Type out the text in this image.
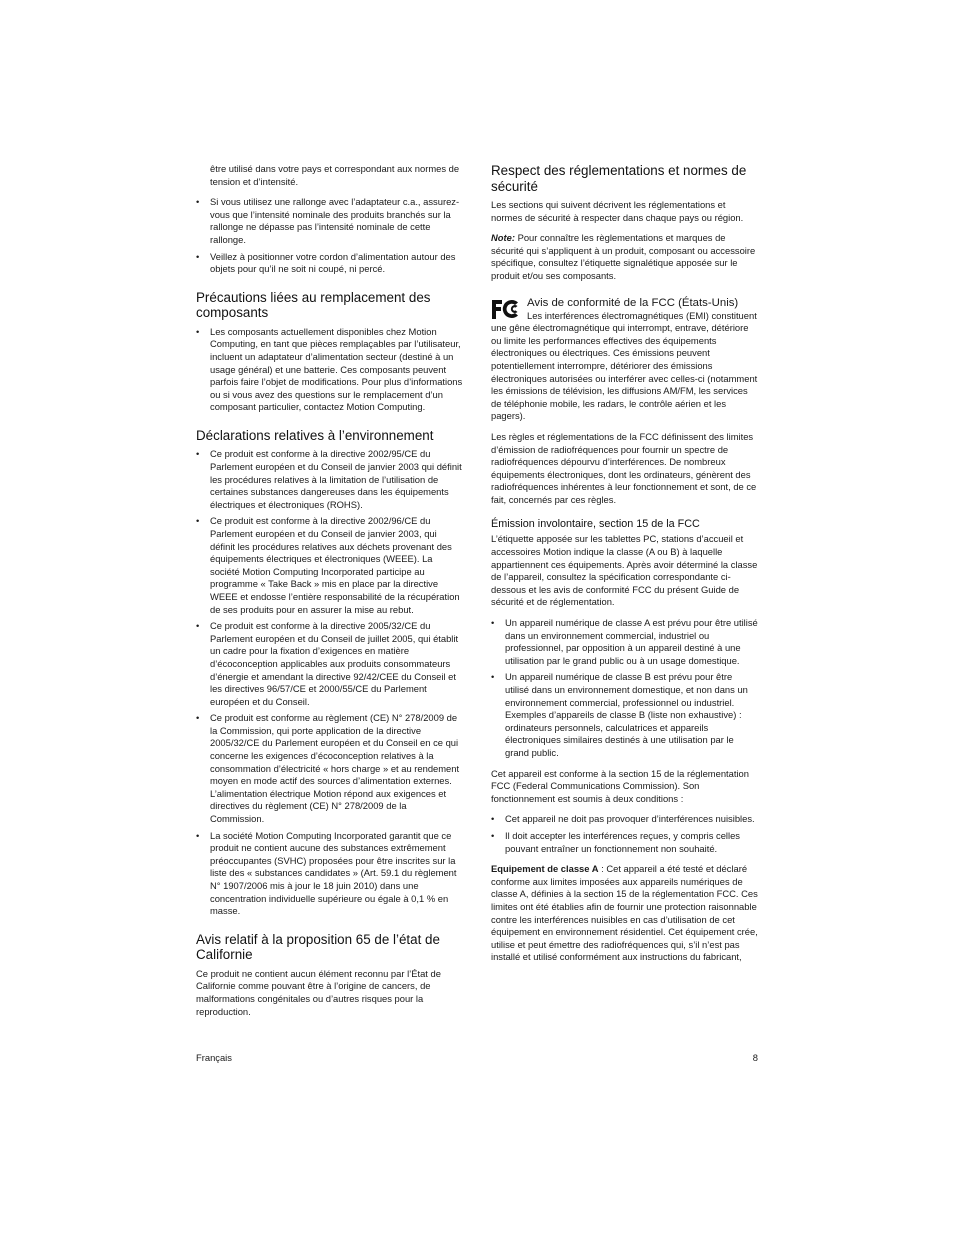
être utilisé dans votre pays et correspondant aux normes de tension et d’intensité.
• Si vous utilisez une rallonge avec l’adaptateur c.a., assurez-vous que l’intensité nominale des produits branchés sur la rallonge ne dépasse pas l’intensité nominale de cette rallonge.
• Veillez à positionner votre cordon d’alimentation autour des objets pour qu’il ne soit ni coupé, ni percé.
Précautions liées au remplacement des composants
• Les composants actuellement disponibles chez Motion Computing, en tant que pièces remplaçables par l’utilisateur, incluent un adaptateur d’alimentation secteur (destiné à un usage général) et une batterie. Ces composants peuvent parfois faire l’objet de modifications. Pour plus d’informations ou si vous avez des questions sur le remplacement d’un composant particulier, contactez Motion Computing.
Déclarations relatives à l’environnement
• Ce produit est conforme à la directive 2002/95/CE du Parlement européen et du Conseil de janvier 2003 qui définit les procédures relatives à la limitation de l’utilisation de certaines substances dangereuses dans les équipements électriques et électroniques (ROHS).
• Ce produit est conforme à la directive 2002/96/CE du Parlement européen et du Conseil de janvier 2003, qui définit les procédures relatives aux déchets provenant des équipements électriques et électroniques (WEEE). La société Motion Computing Incorporated participe au programme « Take Back » mis en place par la directive WEEE et endosse l’entière responsabilité de la récupération de ses produits pour en assurer la mise au rebut.
• Ce produit est conforme à la directive 2005/32/CE du Parlement européen et du Conseil de juillet 2005, qui établit un cadre pour la fixation d’exigences en matière d’écoconception applicables aux produits consommateurs d’énergie et amendant la directive 92/42/CEE du Conseil et les directives 96/57/CE et 2000/55/CE du Parlement européen et du Conseil.
• Ce produit est conforme au règlement (CE) N° 278/2009 de la Commission, qui porte application de la directive 2005/32/CE du Parlement européen et du Conseil en ce qui concerne les exigences d’écoconception relatives à la consommation d’électricité « hors charge » et au rendement moyen en mode actif des sources d’alimentation externes. L’alimentation électrique Motion répond aux exigences et directives du règlement (CE) N° 278/2009 de la Commission.
• La société Motion Computing Incorporated garantit que ce produit ne contient aucune des substances extrêmement préoccupantes (SVHC) proposées pour être inscrites sur la liste des « substances candidates » (Art. 59.1 du règlement N° 1907/2006 mis à jour le 18 juin 2010) dans une concentration individuelle supérieure ou égale à 0,1 % en masse.
Avis relatif à la proposition 65 de l’état de Californie

Ce produit ne contient aucun élément reconnu par l’État de Californie comme pouvant être à l’origine de cancers, de malformations congénitales ou d’autres risques pour la reproduction.

Respect des réglementations et normes de sécurité

Les sections qui suivent décrivent les réglementations et normes de sécurité à respecter dans chaque pays ou région.

Note: Pour connaître les règlementations et marques de sécurité qui s’appliquent à un produit, composant ou accessoire spécifique, consultez l’étiquette signalétique apposée sur le produit et/ou ses composants.

Avis de conformité de la FCC (États-Unis)

Les interférences électromagnétiques (EMI) constituent une gêne électromagnétique qui interrompt, entrave, détériore ou limite les performances effectives des équipements électroniques ou électriques. Ces émissions peuvent potentiellement interrompre, détériorer des émissions électroniques autorisées ou interférer avec celles-ci (notamment les émissions de télévision, les diffusions AM/FM, les services de téléphonie mobile, les radars, le contrôle aérien et les pagers).

Les règles et réglementations de la FCC définissent des limites d’émission de radiofréquences pour fournir un spectre de radiofréquences dépourvu d’interférences. De nombreux équipements électroniques, dont les ordinateurs, génèrent des radiofréquences inhérentes à leur fonctionnement et sont, de ce fait, concernés par ces règles.

Émission involontaire, section 15 de la FCC

L’étiquette apposée sur les tablettes PC, stations d’accueil et accessoires Motion indique la classe (A ou B) à laquelle appartiennent ces équipements. Après avoir déterminé la classe de l’appareil, consultez la spécification correspondante ci-dessous et les avis de conformité FCC du présent Guide de sécurité et de réglementation.

• Un appareil numérique de classe A est prévu pour être utilisé dans un environnement commercial, industriel ou professionnel, par opposition à un appareil destiné à une utilisation par le grand public ou à un usage domestique.
• Un appareil numérique de classe B est prévu pour être utilisé dans un environnement domestique, et non dans un environnement commercial, professionnel ou industriel. Exemples d’appareils de classe B (liste non exhaustive) : ordinateurs personnels, calculatrices et appareils électroniques similaires destinés à une utilisation par le grand public.

Cet appareil est conforme à la section 15 de la réglementation FCC (Federal Communications Commission). Son fonctionnement est soumis à deux conditions :

• Cet appareil ne doit pas provoquer d’interférences nuisibles.
• Il doit accepter les interférences reçues, y compris celles pouvant entraîner un fonctionnement non souhaité.

Equipement de classe A : Cet appareil a été testé et déclaré conforme aux limites imposées aux appareils numériques de classe A, définies à la section 15 de la réglementation FCC. Ces limites ont été établies afin de fournir une protection raisonnable contre les interférences nuisibles en cas d’utilisation de cet équipement en environnement résidentiel. Cet équipement crée, utilise et peut émettre des radiofréquences qui, s’il n’est pas installé et utilisé conformément aux instructions du fabricant,

Français	8
